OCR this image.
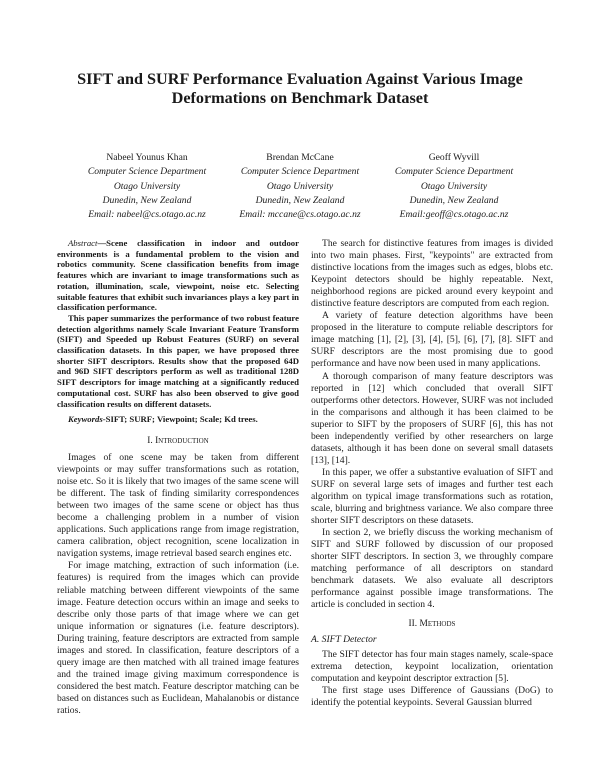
SIFT and SURF Performance Evaluation Against Various Image Deformations on Benchmark Dataset
Nabeel Younus Khan
Computer Science Department
Otago University
Dunedin, New Zealand
Email: nabeel@cs.otago.ac.nz
Brendan McCane
Computer Science Department
Otago University
Dunedin, New Zealand
Email: mccane@cs.otago.ac.nz
Geoff Wyvill
Computer Science Department
Otago University
Dunedin, New Zealand
Email:geoff@cs.otago.ac.nz

Abstract—Scene classification in indoor and outdoor environments is a fundamental problem to the vision and robotics community. Scene classification benefits from image features which are invariant to image transformations such as rotation, illumination, scale, viewpoint, noise etc. Selecting suitable features that exhibit such invariances plays a key part in classification performance.

This paper summarizes the performance of two robust feature detection algorithms namely Scale Invariant Feature Transform (SIFT) and Speeded up Robust Features (SURF) on several classification datasets. In this paper, we have proposed three shorter SIFT descriptors. Results show that the proposed 64D and 96D SIFT descriptors perform as well as traditional 128D SIFT descriptors for image matching at a significantly reduced computational cost. SURF has also been observed to give good classification results on different datasets.

Keywords-SIFT; SURF; Viewpoint; Scale; Kd trees.

I. Introduction

Images of one scene may be taken from different viewpoints or may suffer transformations such as rotation, noise etc. So it is likely that two images of the same scene will be different. The task of finding similarity correspondences between two images of the same scene or object has thus become a challenging problem in a number of vision applications. Such applications range from image registration, camera calibration, object recognition, scene localization in navigation systems, image retrieval based search engines etc.

For image matching, extraction of such information (i.e. features) is required from the images which can provide reliable matching between different viewpoints of the same image. Feature detection occurs within an image and seeks to describe only those parts of that image where we can get unique information or signatures (i.e. feature descriptors). During training, feature descriptors are extracted from sample images and stored. In classification, feature descriptors of a query image are then matched with all trained image features and the trained image giving maximum correspondence is considered the best match. Feature descriptor matching can be based on distances such as Euclidean, Mahalanobis or distance ratios.

The search for distinctive features from images is divided into two main phases. First, "keypoints" are extracted from distinctive locations from the images such as edges, blobs etc. Keypoint detectors should be highly repeatable. Next, neighborhood regions are picked around every keypoint and distinctive feature descriptors are computed from each region.

A variety of feature detection algorithms have been proposed in the literature to compute reliable descriptors for image matching [1], [2], [3], [4], [5], [6], [7], [8]. SIFT and SURF descriptors are the most promising due to good performance and have now been used in many applications.

A thorough comparison of many feature descriptors was reported in [12] which concluded that overall SIFT outperforms other detectors. However, SURF was not included in the comparisons and although it has been claimed to be superior to SIFT by the proposers of SURF [6], this has not been independently verified by other researchers on large datasets, although it has been done on several small datasets [13], [14].

In this paper, we offer a substantive evaluation of SIFT and SURF on several large sets of images and further test each algorithm on typical image transformations such as rotation, scale, blurring and brightness variance. We also compare three shorter SIFT descriptors on these datasets.

In section 2, we briefly discuss the working mechanism of SIFT and SURF followed by discussion of our proposed shorter SIFT descriptors. In section 3, we throughly compare matching performance of all descriptors on standard benchmark datasets. We also evaluate all descriptors performance against possible image transformations. The article is concluded in section 4.

II. Methods

A. SIFT Detector

The SIFT detector has four main stages namely, scale-space extrema detection, keypoint localization, orientation computation and keypoint descriptor extraction [5].

The first stage uses Difference of Gaussians (DoG) to identify the potential keypoints. Several Gaussian blurred
